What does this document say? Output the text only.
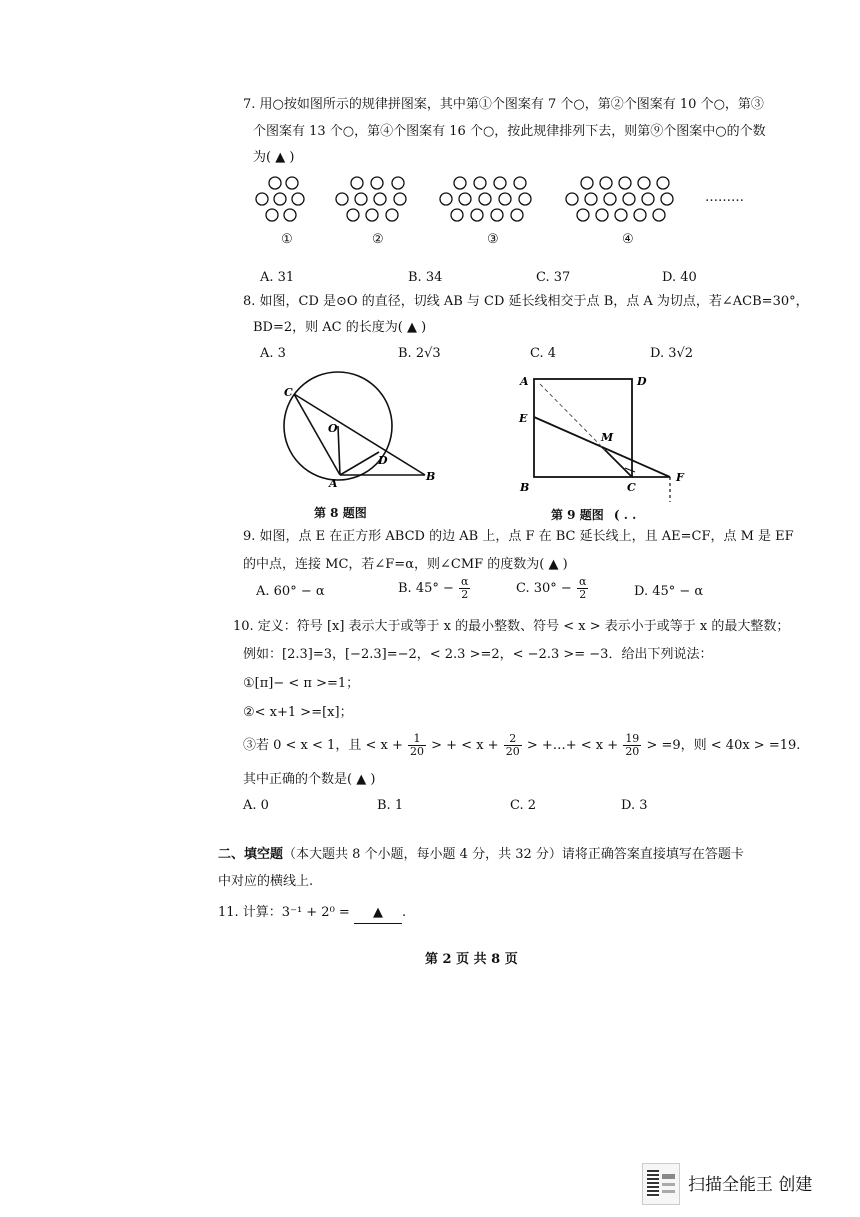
7. 用○按如图所示的规律拼图案，其中第①个图案有 7 个○，第②个图案有 10 个○，第③
个图案有 13 个○，第④个图案有 16 个○，按此规律排列下去，则第⑨个图案中○的个数
为( ▲ )
………
①	②	③	④
A. 31	B. 34	C. 37	D. 40
8. 如图，CD 是⊙O 的直径，切线 AB 与 CD 延长线相交于点 B，点 A 为切点，若∠ACB=30°，
BD=2，则 AC 的长度为( ▲ )
A. 3	B. 2√3	C. 4	D. 3√2
C
O
D
A
B
第 8 题图
A	D
E
M
B	C
F
第 9 题图 ( . .
9. 如图，点 E 在正方形 ABCD 的边 AB 上，点 F 在 BC 延长线上，且 AE=CF，点 M 是 EF
的中点，连接 MC，若∠F=α，则∠CMF 的度数为( ▲ )
A. 60° − α	B. $45^\circ - \frac{\alpha}{2}$	C. $30^\circ - \frac{\alpha}{2}$	D. 45° − α
10. 定义：符号 [x] 表示大于或等于 x 的最小整数、符号 < x > 表示小于或等于 x 的最大整数；
例如：[2.3]=3，[−2.3]=−2，< 2.3 >=2，< −2.3 >= −3．给出下列说法：
①[π]− < π >=1；
②< x+1 >=[x]；
③若 0 < x < 1，且 < $x + \frac{1}{20}$ > + < $x + \frac{2}{20}$ > +…+ < $x + \frac{19}{20} > =9$，则 < 40x > =19.
其中正确的个数是( ▲ )
A. 0	B. 1	C. 2	D. 3
二、填空题（本大题共 8 个小题，每小题 4 分，共 32 分）请将正确答案直接填写在答题卡
中对应的横线上.
11. 计算：3⁻¹ + 2⁰ = ▲ .
第 2 页 共 8 页
扫描全能王 创建
